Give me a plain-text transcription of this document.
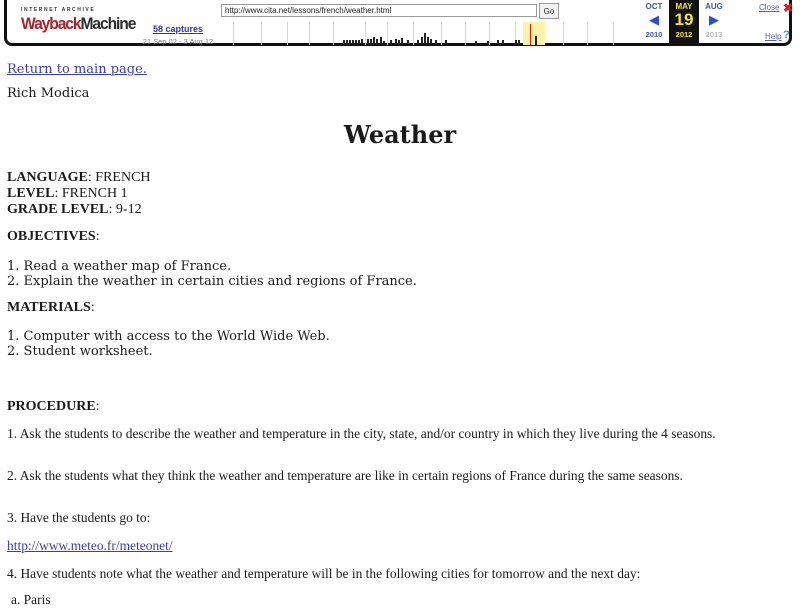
INTERNET ARCHIVE
WaybackMachine	58 captures
21 Sep 02 - 3 Aug 12
http://www.cita.net/lessons/french/weather.html	Go	OCT
◀
2010
MAY
19
2012
AUG
▶
2013
Close ✖
Help ?
Return to main page.
Rich Modica
Weather
LANGUAGE: FRENCH
LEVEL: FRENCH 1
GRADE LEVEL: 9-12
OBJECTIVES:
1. Read a weather map of France.
2. Explain the weather in certain cities and regions of France.
MATERIALS:
1. Computer with access to the World Wide Web.
2. Student worksheet.
PROCEDURE:
1. Ask the students to describe the weather and temperature in the city, state, and/or country in which they live during the 4 seasons.
2. Ask the students what they think the weather and temperature are like in certain regions of France during the same seasons.
3. Have the students go to:
http://www.meteo.fr/meteonet/
4. Have students note what the weather and temperature will be in the following cities for tomorrow and the next day:
a. Paris
